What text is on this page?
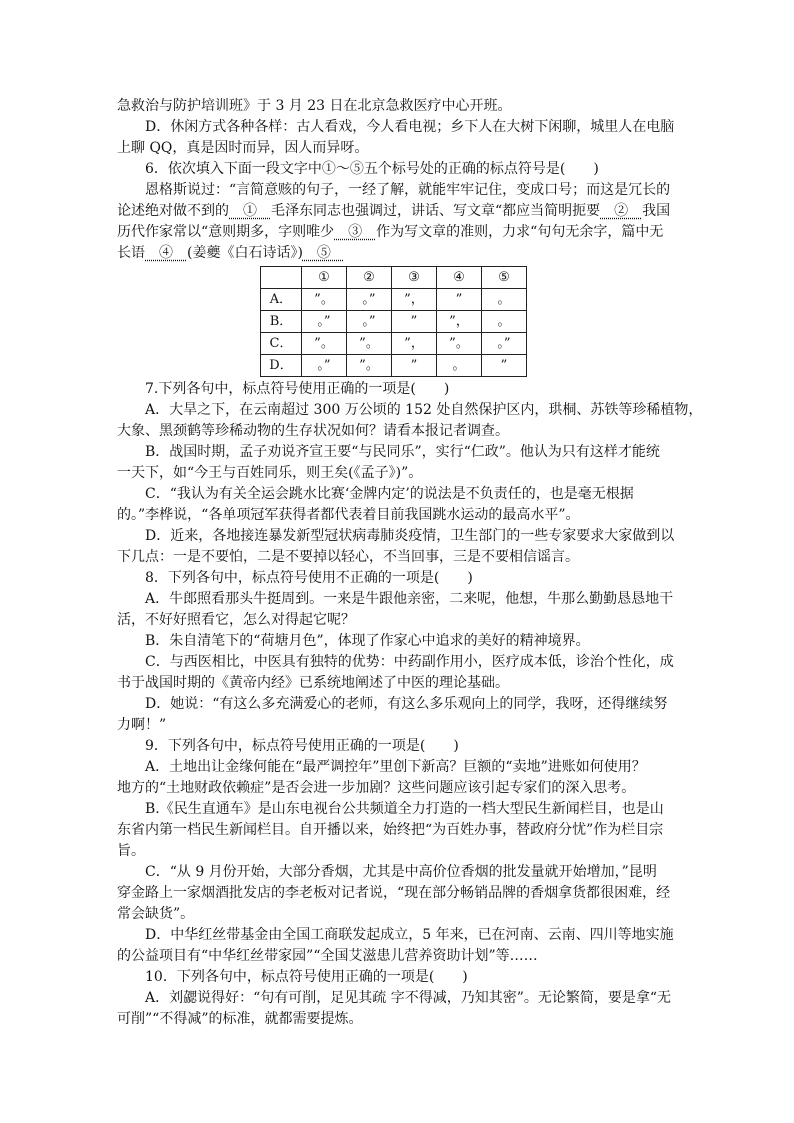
急救治与防护培训班》于 3 月 23 日在北京急救医疗中心开班。
D．休闲方式各种各样：古人看戏，今人看电视；乡下人在大树下闲聊，城里人在电脑
上聊 QQ，真是因时而异，因人而异呀。
6．依次填入下面一段文字中①～⑤五个标号处的正确的标点符号是(　　)
恩格斯说过：“言简意赅的句子，一经了解，就能牢牢记住，变成口号；而这是冗长的
论述绝对做不到的　①　毛泽东同志也强调过，讲话、写文章“都应当简明扼要　②　我国
历代作家常以“意则期多，字则唯少　③　作为写文章的准则，力求“句句无余字，篇中无
长语　④　(姜夔《白石诗话》)　⑤　
	①	②	③	④	⑤
A．	”。	。”	”，	”	。
B．	。”	。”	”	”，	。
C．	”。	”。	”，	”。	。”
D．	。”	”。	”	。	”
7.下列各句中，标点符号使用正确的一项是(　　)
A．大旱之下，在云南超过 300 万公顷的 152 处自然保护区内，珙桐、苏铁等珍稀植物，
大象、黑颈鹤等珍稀动物的生存状况如何？请看本报记者调查。
B．战国时期，孟子劝说齐宣王要“与民同乐”，实行“仁政”。他认为只有这样才能统
一天下，如“今王与百姓同乐，则王矣(《孟子》)”。
C．“我认为有关全运会跳水比赛‘金牌内定’的说法是不负责任的，也是毫无根据
的。”李桦说，“各单项冠军获得者都代表着目前我国跳水运动的最高水平”。
D．近来，各地接连暴发新型冠状病毒肺炎疫情，卫生部门的一些专家要求大家做到以
下几点：一是不要怕，二是不要掉以轻心，不当回事，三是不要相信谣言。
8．下列各句中，标点符号使用不正确的一项是(　　)
A．牛郎照看那头牛挺周到。一来是牛跟他亲密，二来呢，他想，牛那么勤勤恳恳地干
活，不好好照看它，怎么对得起它呢？
B．朱自清笔下的“荷塘月色”，体现了作家心中追求的美好的精神境界。
C．与西医相比，中医具有独特的优势：中药副作用小，医疗成本低，诊治个性化，成
书于战国时期的《黄帝内经》已系统地阐述了中医的理论基础。
D．她说：“有这么多充满爱心的老师，有这么多乐观向上的同学，我呀，还得继续努
力啊！”
9．下列各句中，标点符号使用正确的一项是(　　)
A．土地出让金缘何能在“最严调控年”里创下新高？巨额的“卖地”进账如何使用？
地方的“土地财政依赖症”是否会进一步加剧？这些问题应该引起专家们的深入思考。
B.《民生直通车》是山东电视台公共频道全力打造的一档大型民生新闻栏目，也是山
东省内第一档民生新闻栏目。自开播以来，始终把“为百姓办事，替政府分忧”作为栏目宗
旨。
C．“从 9 月份开始，大部分香烟，尤其是中高价位香烟的批发量就开始增加，”昆明
穿金路上一家烟酒批发店的李老板对记者说，“现在部分畅销品牌的香烟拿货都很困难，经
常会缺货”。
D．中华红丝带基金由全国工商联发起成立，5 年来，已在河南、云南、四川等地实施
的公益项目有“中华红丝带家园”“全国艾滋患儿营养资助计划”等……
10．下列各句中，标点符号使用正确的一项是(　　)
A．刘勰说得好：“句有可削，足见其疏 字不得减，乃知其密”。无论繁简，要是拿“无
可削”“不得减”的标准，就都需要提炼。
